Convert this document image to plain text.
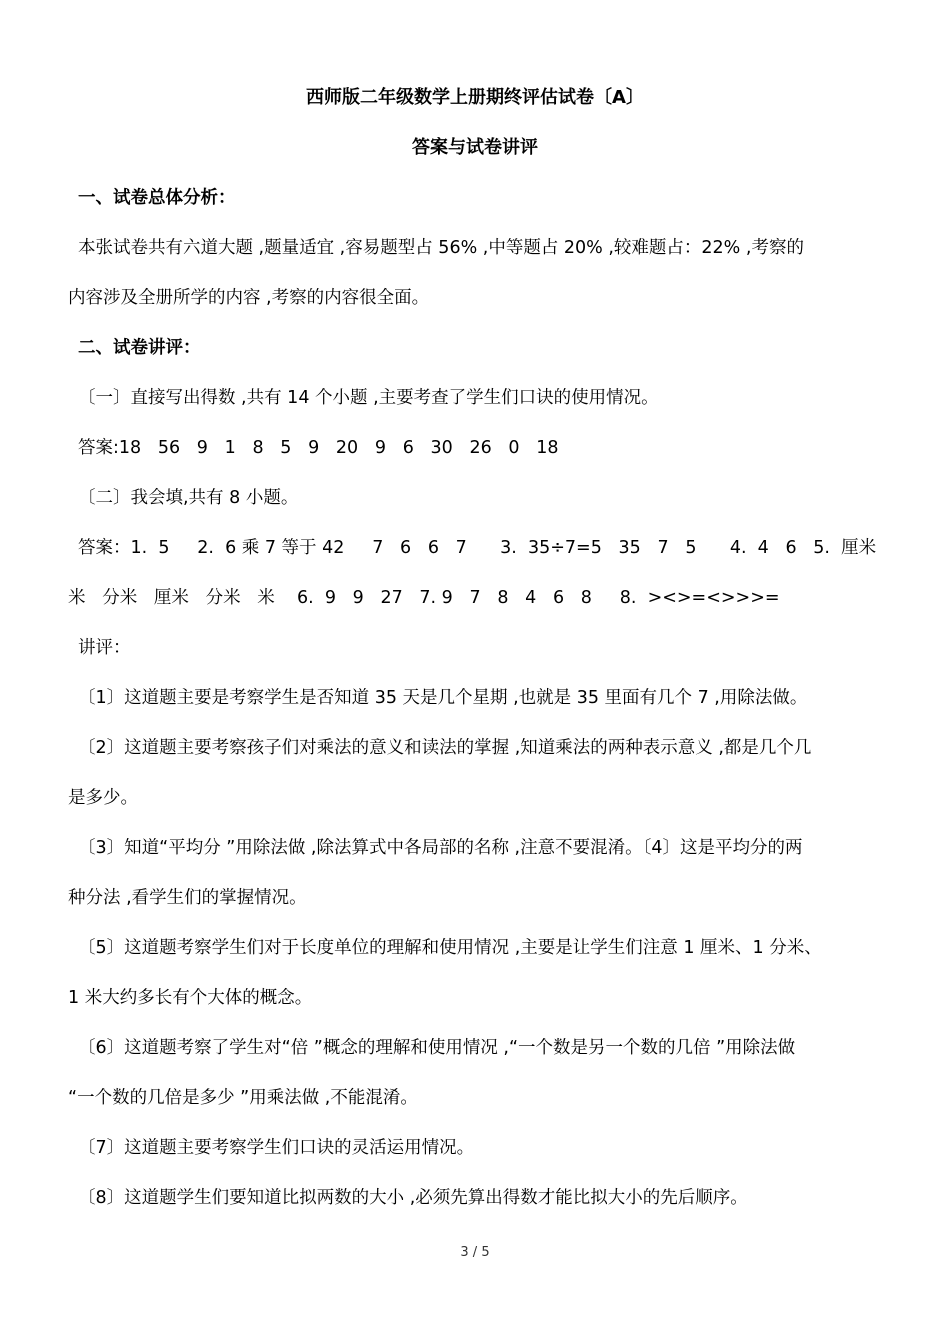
西师版二年级数学上册期终评估试卷〔A〕

答案与试卷讲评

一、试卷总体分析：

本张试卷共有六道大题 ,题量适宜 ,容易题型占 56% ,中等题占 20% ,较难题占：22% ,考察的

内容涉及全册所学的内容 ,考察的内容很全面。

二、试卷讲评：

〔一〕直接写出得数 ,共有 14 个小题 ,主要考查了学生们口诀的使用情况。

答案:18   56   9   1   8   5   9   20   9   6   30   26   0   18

〔二〕我会填,共有 8 小题。

答案：1.  5     2.  6 乘 7 等于 42     7   6   6   7      3.  35÷7=5   35   7   5      4.  4   6   5.  厘米

米   分米   厘米   分米   米    6.  9   9   27   7. 9   7   8   4   6   8     8.  ><>=<>>>=

讲评：

〔1〕这道题主要是考察学生是否知道 35 天是几个星期 ,也就是 35 里面有几个 7 ,用除法做。

〔2〕这道题主要考察孩子们对乘法的意义和读法的掌握 ,知道乘法的两种表示意义 ,都是几个几

是多少。

〔3〕知道“平均分 ”用除法做 ,除法算式中各局部的名称 ,注意不要混淆。〔4〕这是平均分的两

种分法 ,看学生们的掌握情况。

〔5〕这道题考察学生们对于长度单位的理解和使用情况 ,主要是让学生们注意 1 厘米、1 分米、

1 米大约多长有个大体的概念。

〔6〕这道题考察了学生对“倍 ”概念的理解和使用情况 ,“一个数是另一个数的几倍 ”用除法做

“一个数的几倍是多少 ”用乘法做 ,不能混淆。

〔7〕这道题主要考察学生们口诀的灵活运用情况。

〔8〕这道题学生们要知道比拟两数的大小 ,必须先算出得数才能比拟大小的先后顺序。

3 / 5
